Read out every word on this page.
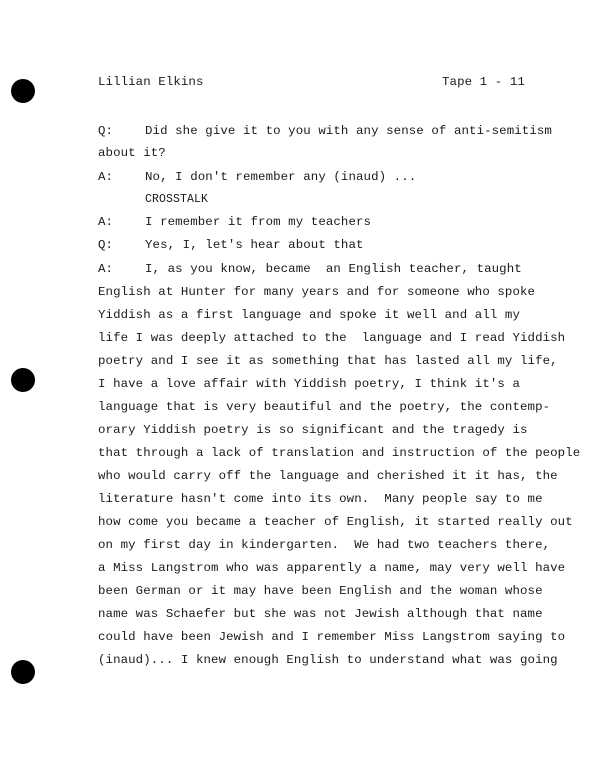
Lillian Elkins	Tape 1 - 11
Q:	Did she give it to you with any sense of anti-semitism
about it?
A:	No, I don't remember any (inaud) ...
CROSSTALK
A:	I remember it from my teachers
Q:	Yes, I, let's hear about that
A:	I, as you know, became  an English teacher, taught
English at Hunter for many years and for someone who spoke
Yiddish as a first language and spoke it well and all my
life I was deeply attached to the  language and I read Yiddish
poetry and I see it as something that has lasted all my life,
I have a love affair with Yiddish poetry, I think it's a
language that is very beautiful and the poetry, the contemp-
orary Yiddish poetry is so significant and the tragedy is
that through a lack of translation and instruction of the people
who would carry off the language and cherished it it has, the
literature hasn't come into its own.  Many people say to me
how come you became a teacher of English, it started really out
on my first day in kindergarten.  We had two teachers there,
a Miss Langstrom who was apparently a name, may very well have
been German or it may have been English and the woman whose
name was Schaefer but she was not Jewish although that name
could have been Jewish and I remember Miss Langstrom saying to
(inaud)... I knew enough English to understand what was going
